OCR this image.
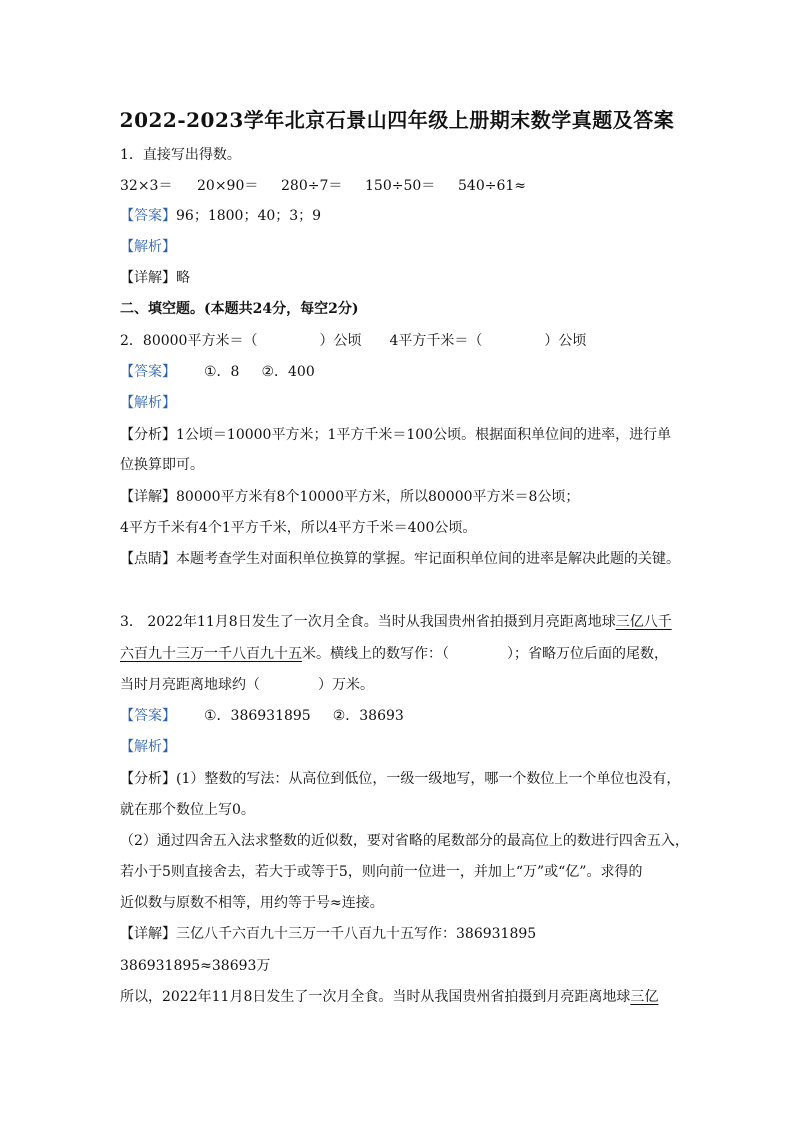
2022-2023学年北京石景山四年级上册期末数学真题及答案
1．直接写出得数。
32×3＝ 20×90＝ 280÷7＝ 150÷50＝ 540÷61≈
【答案】96；1800；40；3；9
【解析】
【详解】略
二、填空题。(本题共24分，每空2分)
2．80000平方米＝（	）公顷 4平方千米＝（	）公顷
【答案】 ①．8 ②．400
【解析】
【分析】1公顷＝10000平方米；1平方千米＝100公顷。根据面积单位间的进率，进行单
位换算即可。
【详解】80000平方米有8个10000平方米，所以80000平方米＝8公顷；
4平方千米有4个1平方千米，所以4平方千米＝400公顷。
【点睛】本题考查学生对面积单位换算的掌握。牢记面积单位间的进率是解决此题的关键。
3． 2022年11月8日发生了一次月全食。当时从我国贵州省拍摄到月亮距离地球三亿八千
六百九十三万一千八百九十五米。横线上的数写作：（	）；省略万位后面的尾数，
当时月亮距离地球约（	）万米。
【答案】 ①．386931895 ②．38693
【解析】
【分析】(1）整数的写法：从高位到低位，一级一级地写，哪一个数位上一个单位也没有，
就在那个数位上写0。
（2）通过四舍五入法求整数的近似数，要对省略的尾数部分的最高位上的数进行四舍五入，
若小于5则直接舍去，若大于或等于5，则向前一位进一，并加上“万”或“亿”。求得的
近似数与原数不相等，用约等于号≈连接。
【详解】三亿八千六百九十三万一千八百九十五写作：386931895
386931895≈38693万
所以，2022年11月8日发生了一次月全食。当时从我国贵州省拍摄到月亮距离地球三亿
